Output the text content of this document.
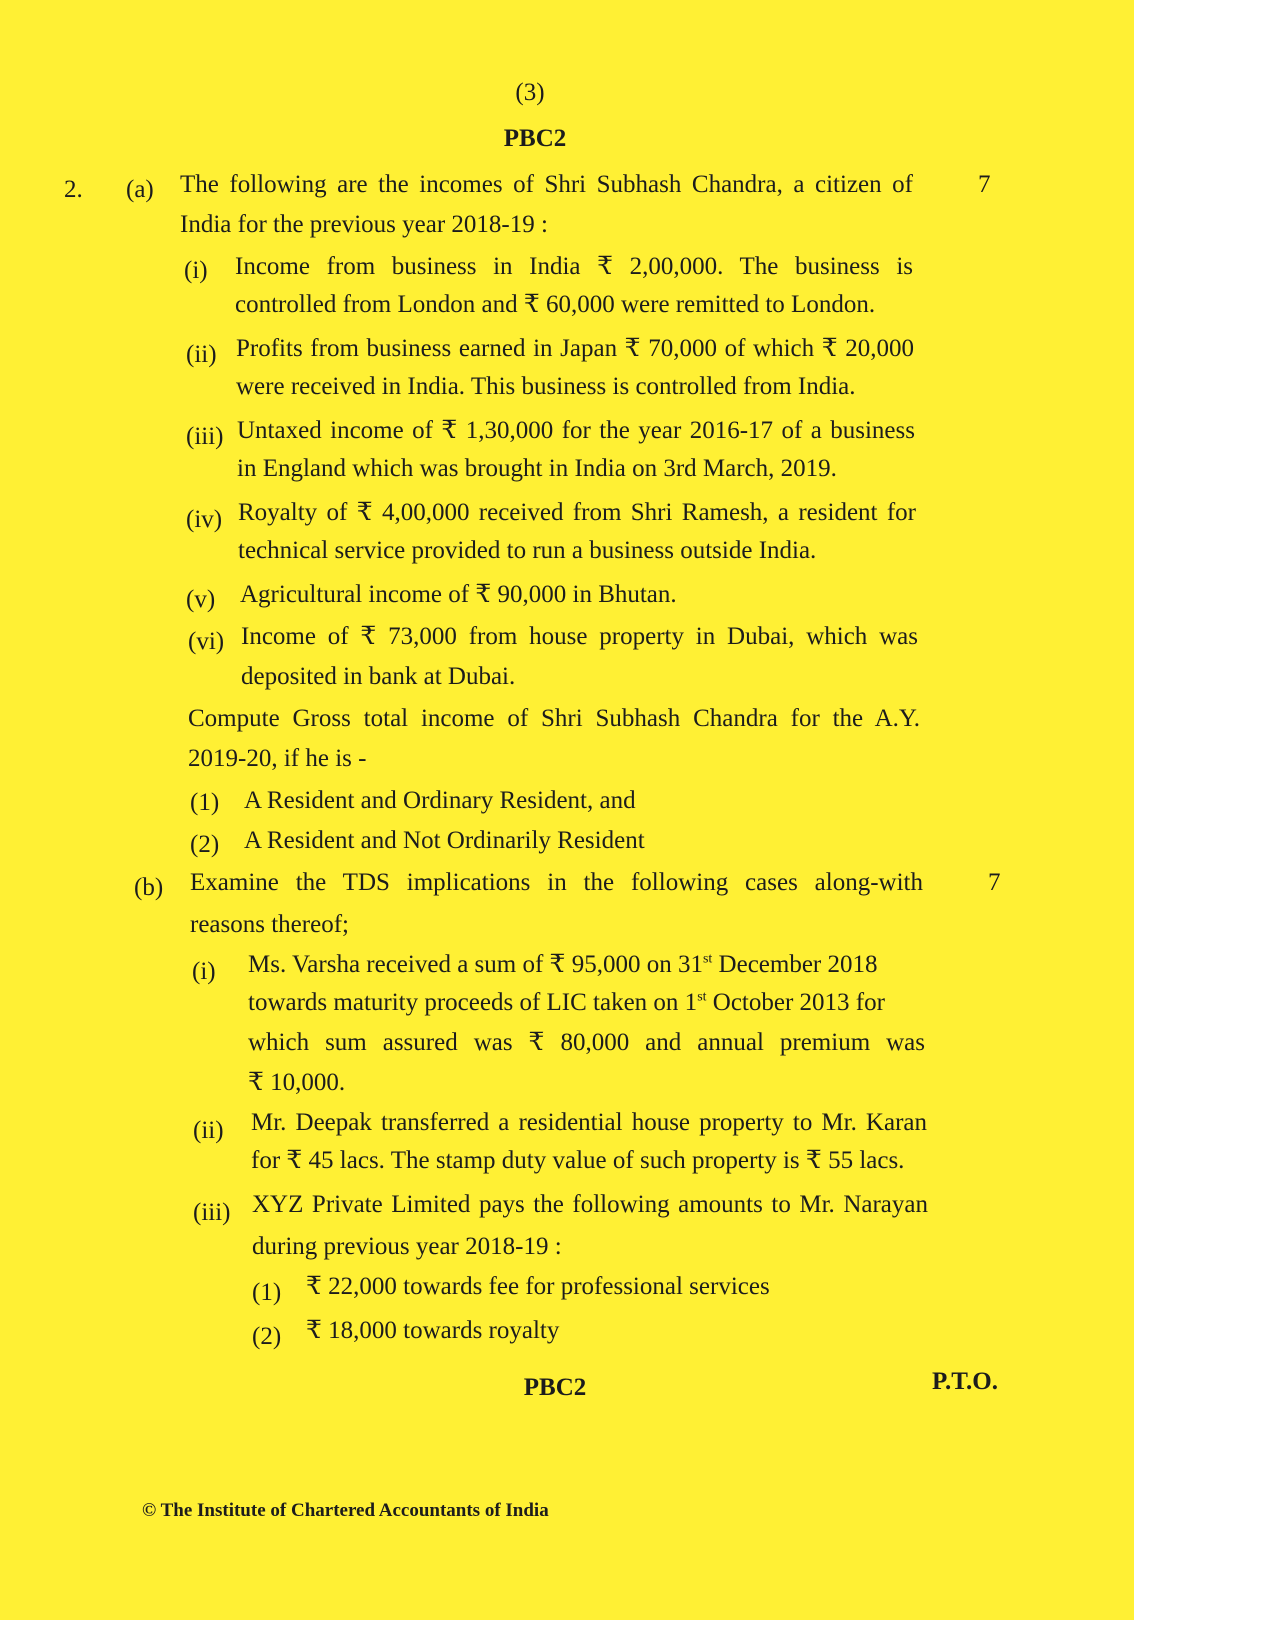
(3)
PBC2
2. (a)	7
The following are the incomes of Shri Subhash Chandra, a citizen of
India for the previous year 2018-19 :
(i) Income from business in India ₹ 2,00,000. The business is
controlled from London and ₹ 60,000 were remitted to London.
(ii) Profits from business earned in Japan ₹ 70,000 of which ₹ 20,000
were received in India. This business is controlled from India.
(iii) Untaxed income of ₹ 1,30,000 for the year 2016-17 of a business
in England which was brought in India on 3rd March, 2019.
(iv) Royalty of ₹ 4,00,000 received from Shri Ramesh, a resident for
technical service provided to run a business outside India.
(v) Agricultural income of ₹ 90,000 in Bhutan.
(vi) Income of ₹ 73,000 from house property in Dubai, which was
deposited in bank at Dubai.
Compute Gross total income of Shri Subhash Chandra for the A.Y.
2019-20, if he is -
(1) A Resident and Ordinary Resident, and
(2) A Resident and Not Ordinarily Resident
(b)	7
Examine the TDS implications in the following cases along-with
reasons thereof;
(i) Ms. Varsha received a sum of ₹ 95,000 on 31st December 2018
towards maturity proceeds of LIC taken on 1st October 2013 for
which sum assured was ₹ 80,000 and annual premium was
₹ 10,000.
(ii) Mr. Deepak transferred a residential house property to Mr. Karan
for ₹ 45 lacs. The stamp duty value of such property is ₹ 55 lacs.
(iii) XYZ Private Limited pays the following amounts to Mr. Narayan
during previous year 2018-19 :
(1) ₹ 22,000 towards fee for professional services
(2) ₹ 18,000 towards royalty
PBC2	P.T.O.
© The Institute of Chartered Accountants of India
